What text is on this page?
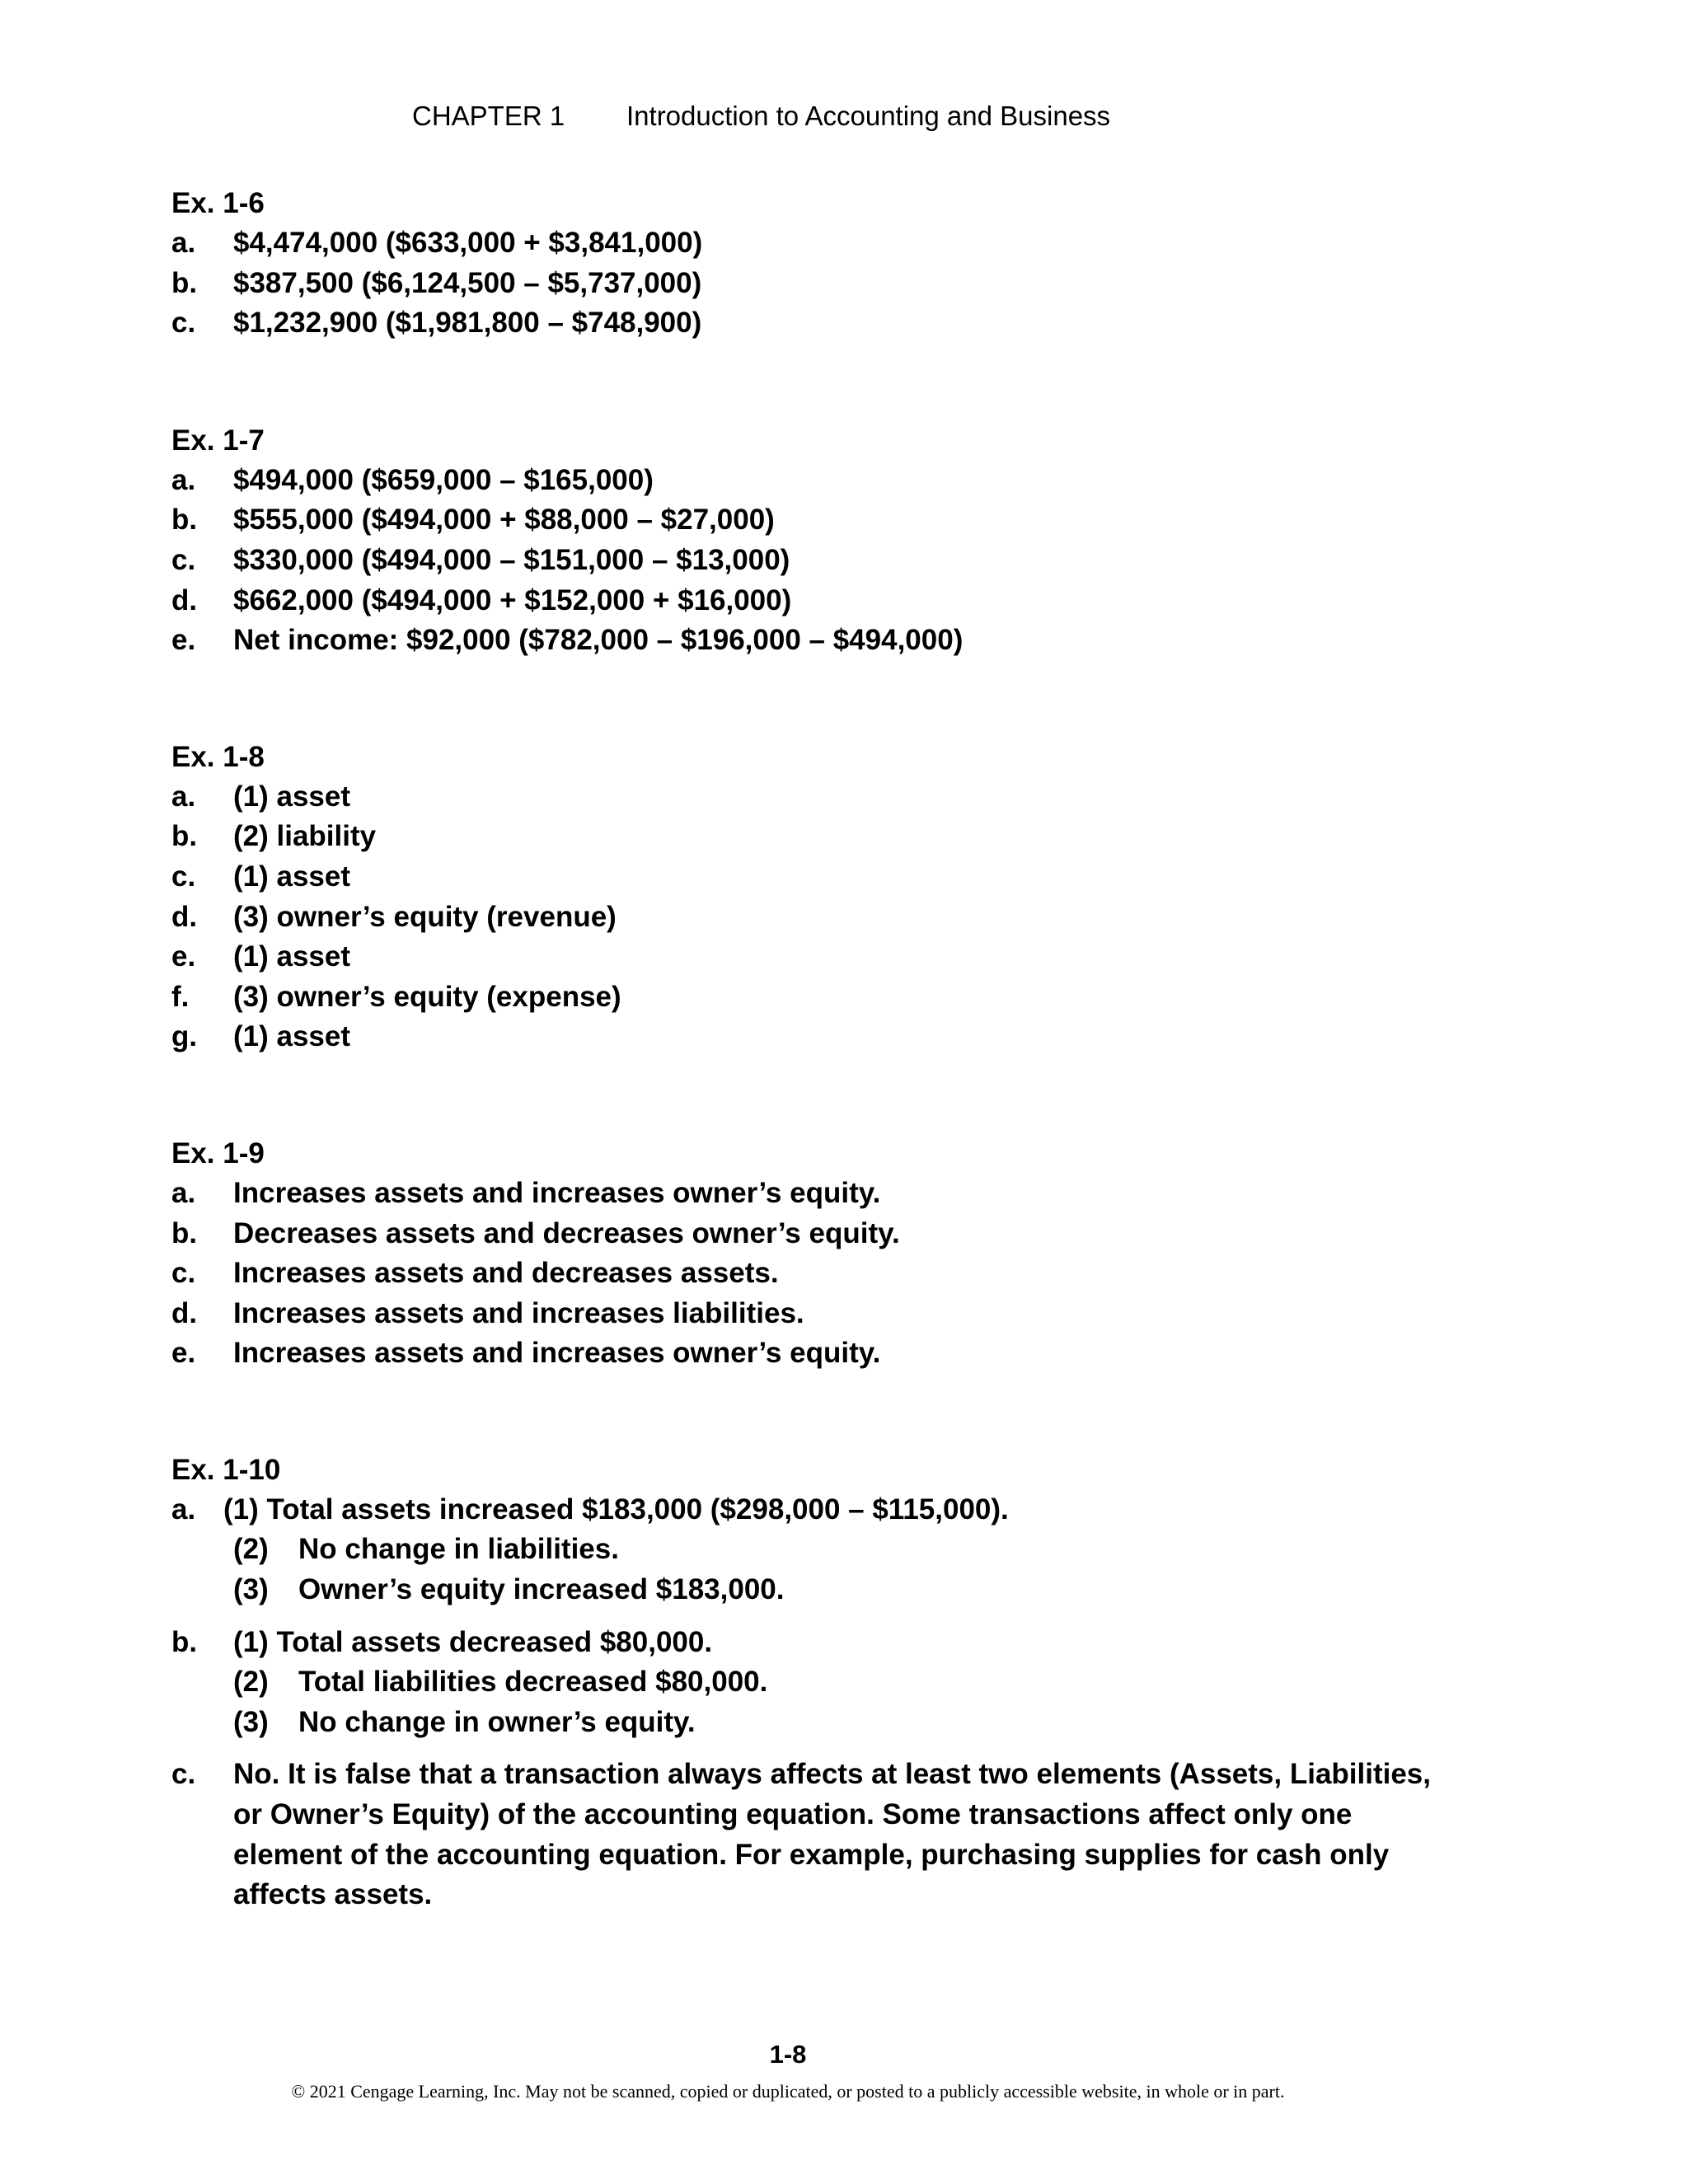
CHAPTER 1 Introduction to Accounting and Business
Ex. 1-6
a.	$4,474,000 ($633,000 + $3,841,000)
b.	$387,500 ($6,124,500 – $5,737,000)
c.	$1,232,900 ($1,981,800 – $748,900)
Ex. 1-7
a.	$494,000 ($659,000 – $165,000)
b.	$555,000 ($494,000 + $88,000 – $27,000)
c.	$330,000 ($494,000 – $151,000 – $13,000)
d.	$662,000 ($494,000 + $152,000 + $16,000)
e.	Net income: $92,000 ($782,000 – $196,000 – $494,000)
Ex. 1-8
a.	(1) asset
b.	(2) liability
c.	(1) asset
d.	(3) owner’s equity (revenue)
e.	(1) asset
f.	(3) owner’s equity (expense)
g.	(1) asset
Ex. 1-9
a.	Increases assets and increases owner’s equity.
b.	Decreases assets and decreases owner’s equity.
c.	Increases assets and decreases assets.
d.	Increases assets and increases liabilities.
e.	Increases assets and increases owner’s equity.
Ex. 1-10
a. (1) Total assets increased $183,000 ($298,000 – $115,000).
(2)	No change in liabilities.
(3)	Owner’s equity increased $183,000.
b.	(1) Total assets decreased $80,000.
(2)	Total liabilities decreased $80,000.
(3)	No change in owner’s equity.
c.	No. It is false that a transaction always affects at least two elements (Assets, Liabilities, or Owner’s Equity) of the accounting equation. Some transactions affect only one element of the accounting equation. For example, purchasing supplies for cash only affects assets.
1-8
© 2021 Cengage Learning, Inc. May not be scanned, copied or duplicated, or posted to a publicly accessible website, in whole or in part.
